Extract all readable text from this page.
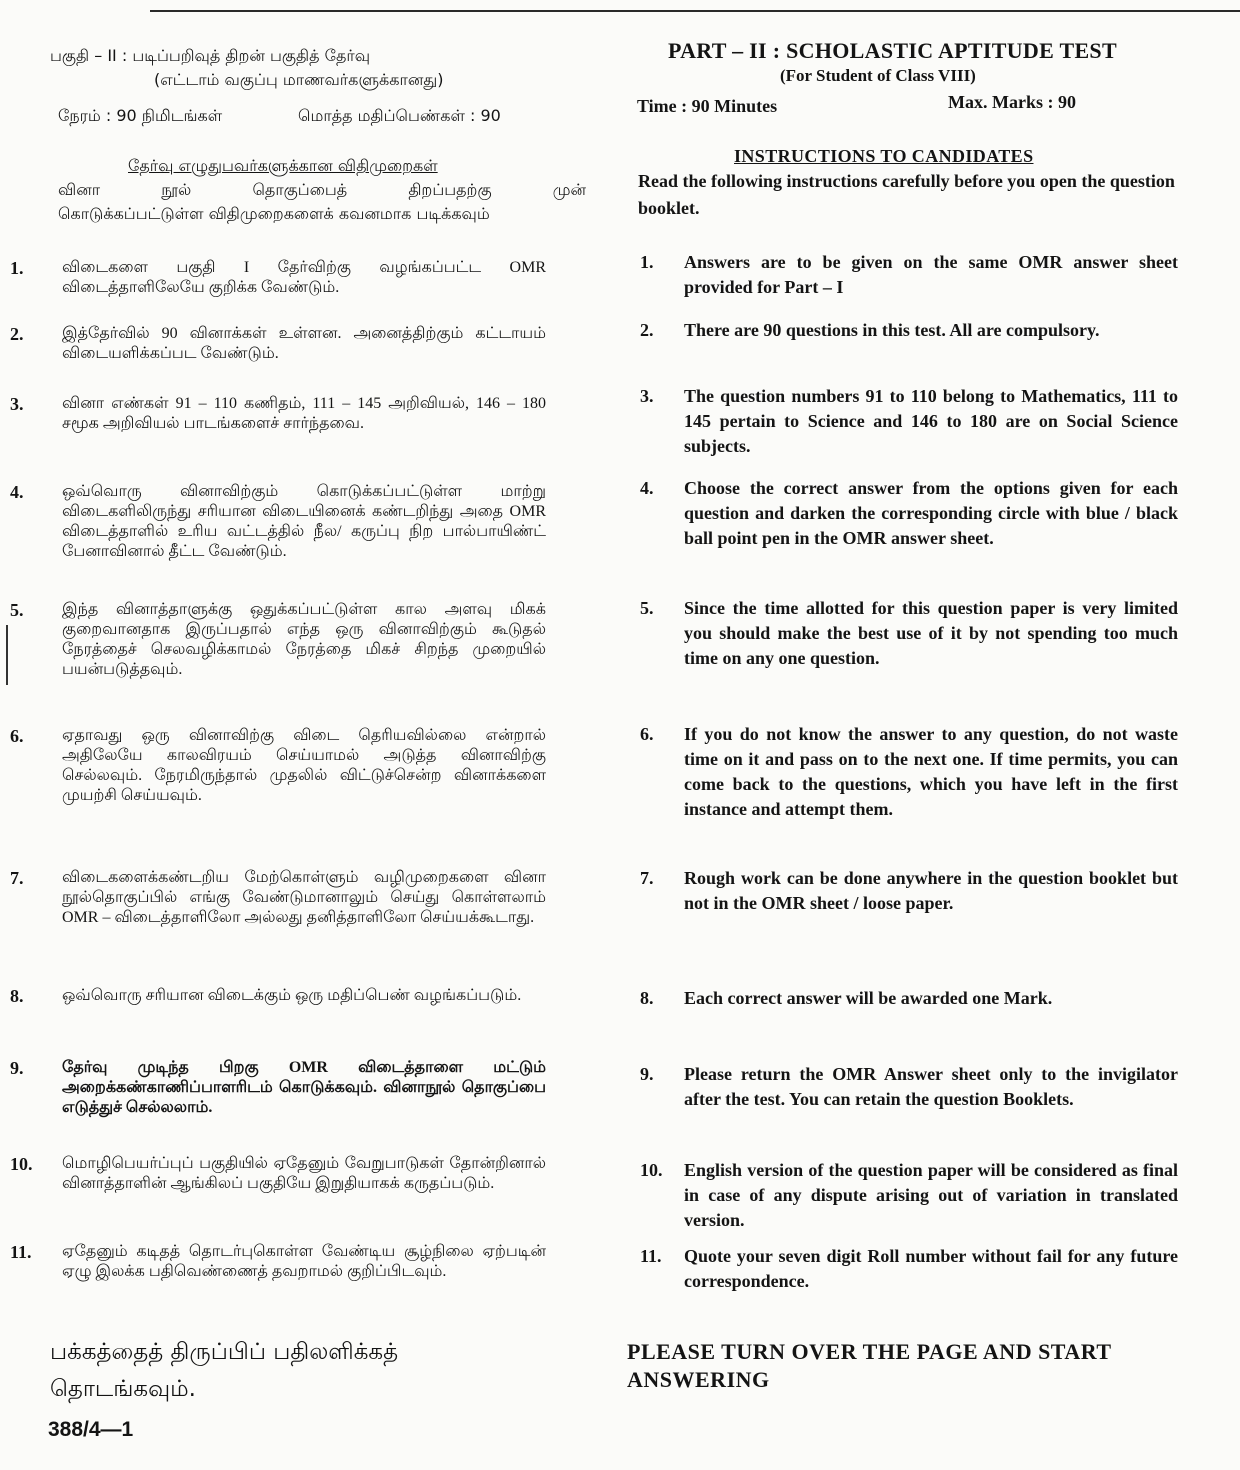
பகுதி – II : படிப்பறிவுத் திறன் பகுதித் தேர்வு
(எட்டாம் வகுப்பு மாணவர்களுக்கானது)
நேரம் : 90 நிமிடங்கள்	மொத்த மதிப்பெண்கள் : 90
தேர்வு எழுதுபவர்களுக்கான விதிமுறைகள்
வினா நூல் தொகுப்பைத் திறப்பதற்கு முன்
கொடுக்கப்பட்டுள்ள விதிமுறைகளைக் கவனமாக படிக்கவும்
1. விடைகளை பகுதி I தேர்விற்கு வழங்கப்பட்ட OMR விடைத்தாளிலேயே குறிக்க வேண்டும்.
2. இத்தேர்வில் 90 வினாக்கள் உள்ளன. அனைத்திற்கும் கட்டாயம் விடையளிக்கப்பட வேண்டும்.
3. வினா எண்கள் 91 – 110 கணிதம், 111 – 145 அறிவியல், 146 – 180 சமூக அறிவியல் பாடங்களைச் சார்ந்தவை.
4. ஒவ்வொரு வினாவிற்கும் கொடுக்கப்பட்டுள்ள மாற்று விடைகளிலிருந்து சரியான விடையினைக் கண்டறிந்து அதை OMR விடைத்தாளில் உரிய வட்டத்தில் நீல/ கருப்பு நிற பால்பாயிண்ட் பேனாவினால் தீட்ட வேண்டும்.
5. இந்த வினாத்தாளுக்கு ஒதுக்கப்பட்டுள்ள கால அளவு மிகக் குறைவானதாக இருப்பதால் எந்த ஒரு வினாவிற்கும் கூடுதல் நேரத்தைச் செலவழிக்காமல் நேரத்தை மிகச் சிறந்த முறையில் பயன்படுத்தவும்.
6. ஏதாவது ஒரு வினாவிற்கு விடை தெரியவில்லை என்றால் அதிலேயே காலவிரயம் செய்யாமல் அடுத்த வினாவிற்கு செல்லவும். நேரமிருந்தால் முதலில் விட்டுச்சென்ற வினாக்களை முயற்சி செய்யவும்.
7. விடைகளைக்கண்டறிய மேற்கொள்ளும் வழிமுறைகளை வினா நூல்தொகுப்பில் எங்கு வேண்டுமானாலும் செய்து கொள்ளலாம் OMR – விடைத்தாளிலோ அல்லது தனித்தாளிலோ செய்யக்கூடாது.
8. ஒவ்வொரு சரியான விடைக்கும் ஒரு மதிப்பெண் வழங்கப்படும்.
9. தேர்வு முடிந்த பிறகு OMR விடைத்தாளை மட்டும் அறைக்கண்காணிப்பாளரிடம் கொடுக்கவும். வினாநூல் தொகுப்பை எடுத்துச் செல்லலாம்.
10. மொழிபெயர்ப்புப் பகுதியில் ஏதேனும் வேறுபாடுகள் தோன்றினால் வினாத்தாளின் ஆங்கிலப் பகுதியே இறுதியாகக் கருதப்படும்.
11. ஏதேனும் கடிதத் தொடர்புகொள்ள வேண்டிய சூழ்நிலை ஏற்படின் ஏழு இலக்க பதிவெண்ணைத் தவறாமல் குறிப்பிடவும்.
பக்கத்தைத் திருப்பிப் பதிலளிக்கத் தொடங்கவும்.
388/4—1
PART – II : SCHOLASTIC APTITUDE TEST
(For Student of Class VIII)
Time : 90 Minutes	Max. Marks : 90
INSTRUCTIONS TO CANDIDATES
Read the following instructions carefully before you open the question booklet.
1. Answers are to be given on the same OMR answer sheet provided for Part – I
2. There are 90 questions in this test. All are compulsory.
3. The question numbers 91 to 110 belong to Mathematics, 111 to 145 pertain to Science and 146 to 180 are on Social Science subjects.
4. Choose the correct answer from the options given for each question and darken the corresponding circle with blue / black ball point pen in the OMR answer sheet.
5. Since the time allotted for this question paper is very limited you should make the best use of it by not spending too much time on any one question.
6. If you do not know the answer to any question, do not waste time on it and pass on to the next one. If time permits, you can come back to the questions, which you have left in the first instance and attempt them.
7. Rough work can be done anywhere in the question booklet but not in the OMR sheet / loose paper.
8. Each correct answer will be awarded one Mark.
9. Please return the OMR Answer sheet only to the invigilator after the test. You can retain the question Booklets.
10. English version of the question paper will be considered as final in case of any dispute arising out of variation in translated version.
11. Quote your seven digit Roll number without fail for any future correspondence.
PLEASE TURN OVER THE PAGE AND START ANSWERING
